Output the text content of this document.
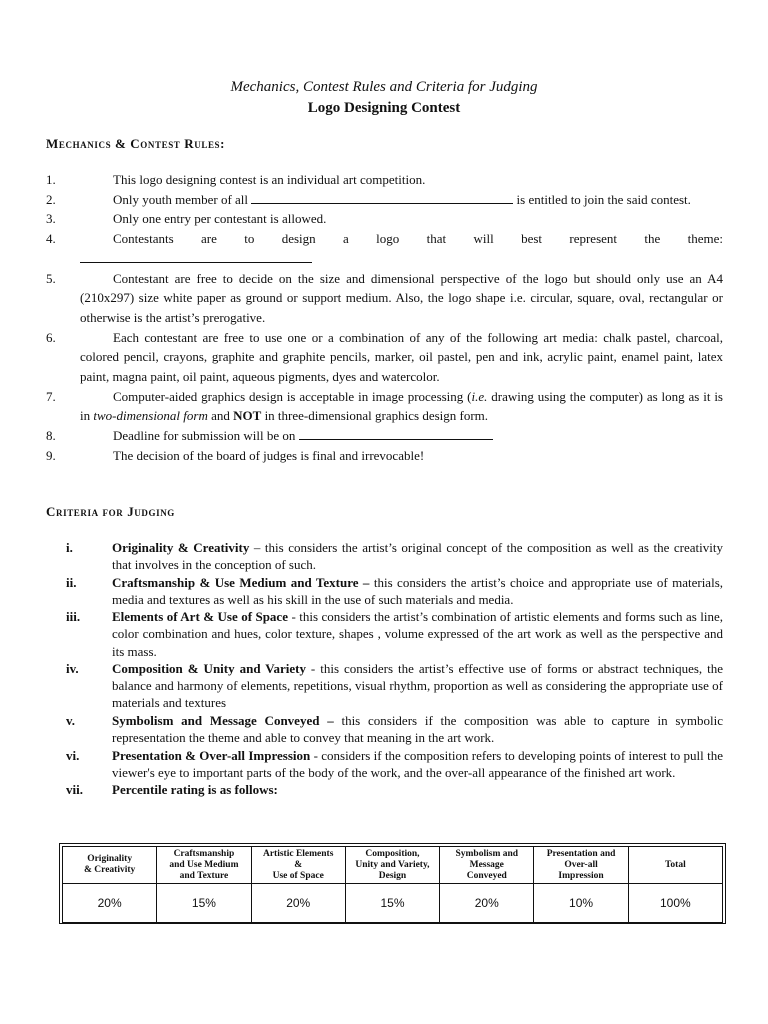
Mechanics, Contest Rules and Criteria for Judging
Logo Designing Contest
Mechanics & Contest Rules:
1.	This logo designing contest is an individual art competition.
2.	Only youth member of all	is entitled to join the said contest.
3.	Only one entry per contestant is allowed.
4.	Contestants are to design a logo that will best represent the theme:
5.	Contestant are free to decide on the size and dimensional perspective of the logo but should only use an A4 (210x297) size white paper as ground or support medium. Also, the logo shape i.e. circular, square, oval, rectangular or otherwise is the artist’s prerogative.
6.	Each contestant are free to use one or a combination of any of the following art media: chalk pastel, charcoal, colored pencil, crayons, graphite and graphite pencils, marker, oil pastel, pen and ink, acrylic paint, enamel paint, latex paint, magna paint, oil paint, aqueous pigments, dyes and watercolor.
7.	Computer-aided graphics design is acceptable in image processing (i.e. drawing using the computer) as long as it is in two-dimensional form and NOT in three-dimensional graphics design form.
8.	Deadline for submission will be on
9.	The decision of the board of judges is final and irrevocable!
Criteria for Judging
i.	Originality & Creativity – this considers the artist’s original concept of the composition as well as the creativity that involves in the conception of such.
ii.	Craftsmanship & Use Medium and Texture – this considers the artist’s choice and appropriate use of materials, media and textures as well as his skill in the use of such materials and media.
iii. Elements of Art & Use of Space - this considers the artist’s combination of artistic elements and forms such as line, color combination and hues, color texture, shapes , volume expressed of the art work as well as the perspective and its mass.
iv.	Composition & Unity and Variety - this considers the artist’s effective use of forms or abstract techniques, the balance and harmony of elements, repetitions, visual rhythm, proportion as well as considering the appropriate use of materials and textures
v.	Symbolism and Message Conveyed – this considers if the composition was able to capture in symbolic representation the theme and able to convey that meaning in the art work.
vi.	Presentation & Over-all Impression - considers if the composition refers to developing points of interest to pull the viewer's eye to important parts of the body of the work, and the over-all appearance of the finished art work.
vii. Percentile rating is as follows:
Originality
& Creativity	Craftsmanship
and Use Medium
and Texture	Artistic Elements
&
Use of Space	Composition,
Unity and Variety,
Design	Symbolism and
Message
Conveyed	Presentation and
Over-all
Impression	Total
20%	15%	20%	15%	20%	10%	100%
